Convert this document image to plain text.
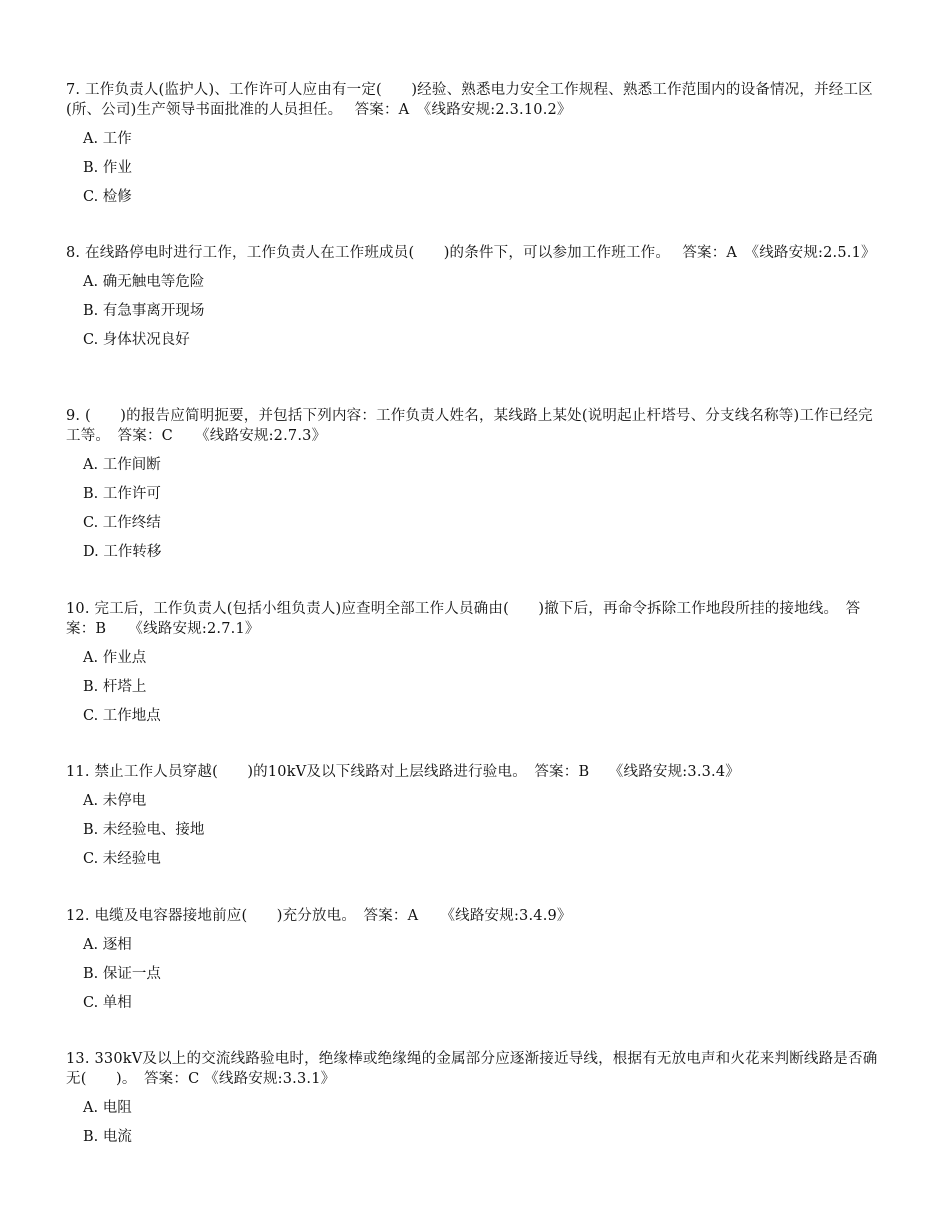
7. 工作负责人(监护人)、工作许可人应由有一定(　　)经验、熟悉电力安全工作规程、熟悉工作范围内的设备情况，并经工区(所、公司)生产领导书面批准的人员担任。　 答案：A　《线路安规:2.3.10.2》

A. 工作
B. 作业
C. 检修

8. 在线路停电时进行工作，工作负责人在工作班成员(　　)的条件下，可以参加工作班工作。　 答案：A　《线路安规:2.5.1》

A. 确无触电等危险
B. 有急事离开现场
C. 身体状况良好

9. (　　)的报告应简明扼要，并包括下列内容：工作负责人姓名，某线路上某处(说明起止杆塔号、分支线名称等)工作已经完工等。　答案：C　　《线路安规:2.7.3》

A. 工作间断
B. 工作许可
C. 工作终结
D. 工作转移

10. 完工后，工作负责人(包括小组负责人)应查明全部工作人员确由(　　)撤下后，再命令拆除工作地段所挂的接地线。　答案：B　　《线路安规:2.7.1》

A. 作业点
B. 杆塔上
C. 工作地点

11. 禁止工作人员穿越(　　)的10kV及以下线路对上层线路进行验电。　答案：B　 《线路安规:3.3.4》

A. 未停电
B. 未经验电、接地
C. 未经验电

12. 电缆及电容器接地前应(　　)充分放电。　答案：A　　《线路安规:3.4.9》

A. 逐相
B. 保证一点
C. 单相

13. 330kV及以上的交流线路验电时，绝缘棒或绝缘绳的金属部分应逐渐接近导线，根据有无放电声和火花来判断线路是否确无(　　)。　答案：C 《线路安规:3.3.1》

A. 电阻
B. 电流
